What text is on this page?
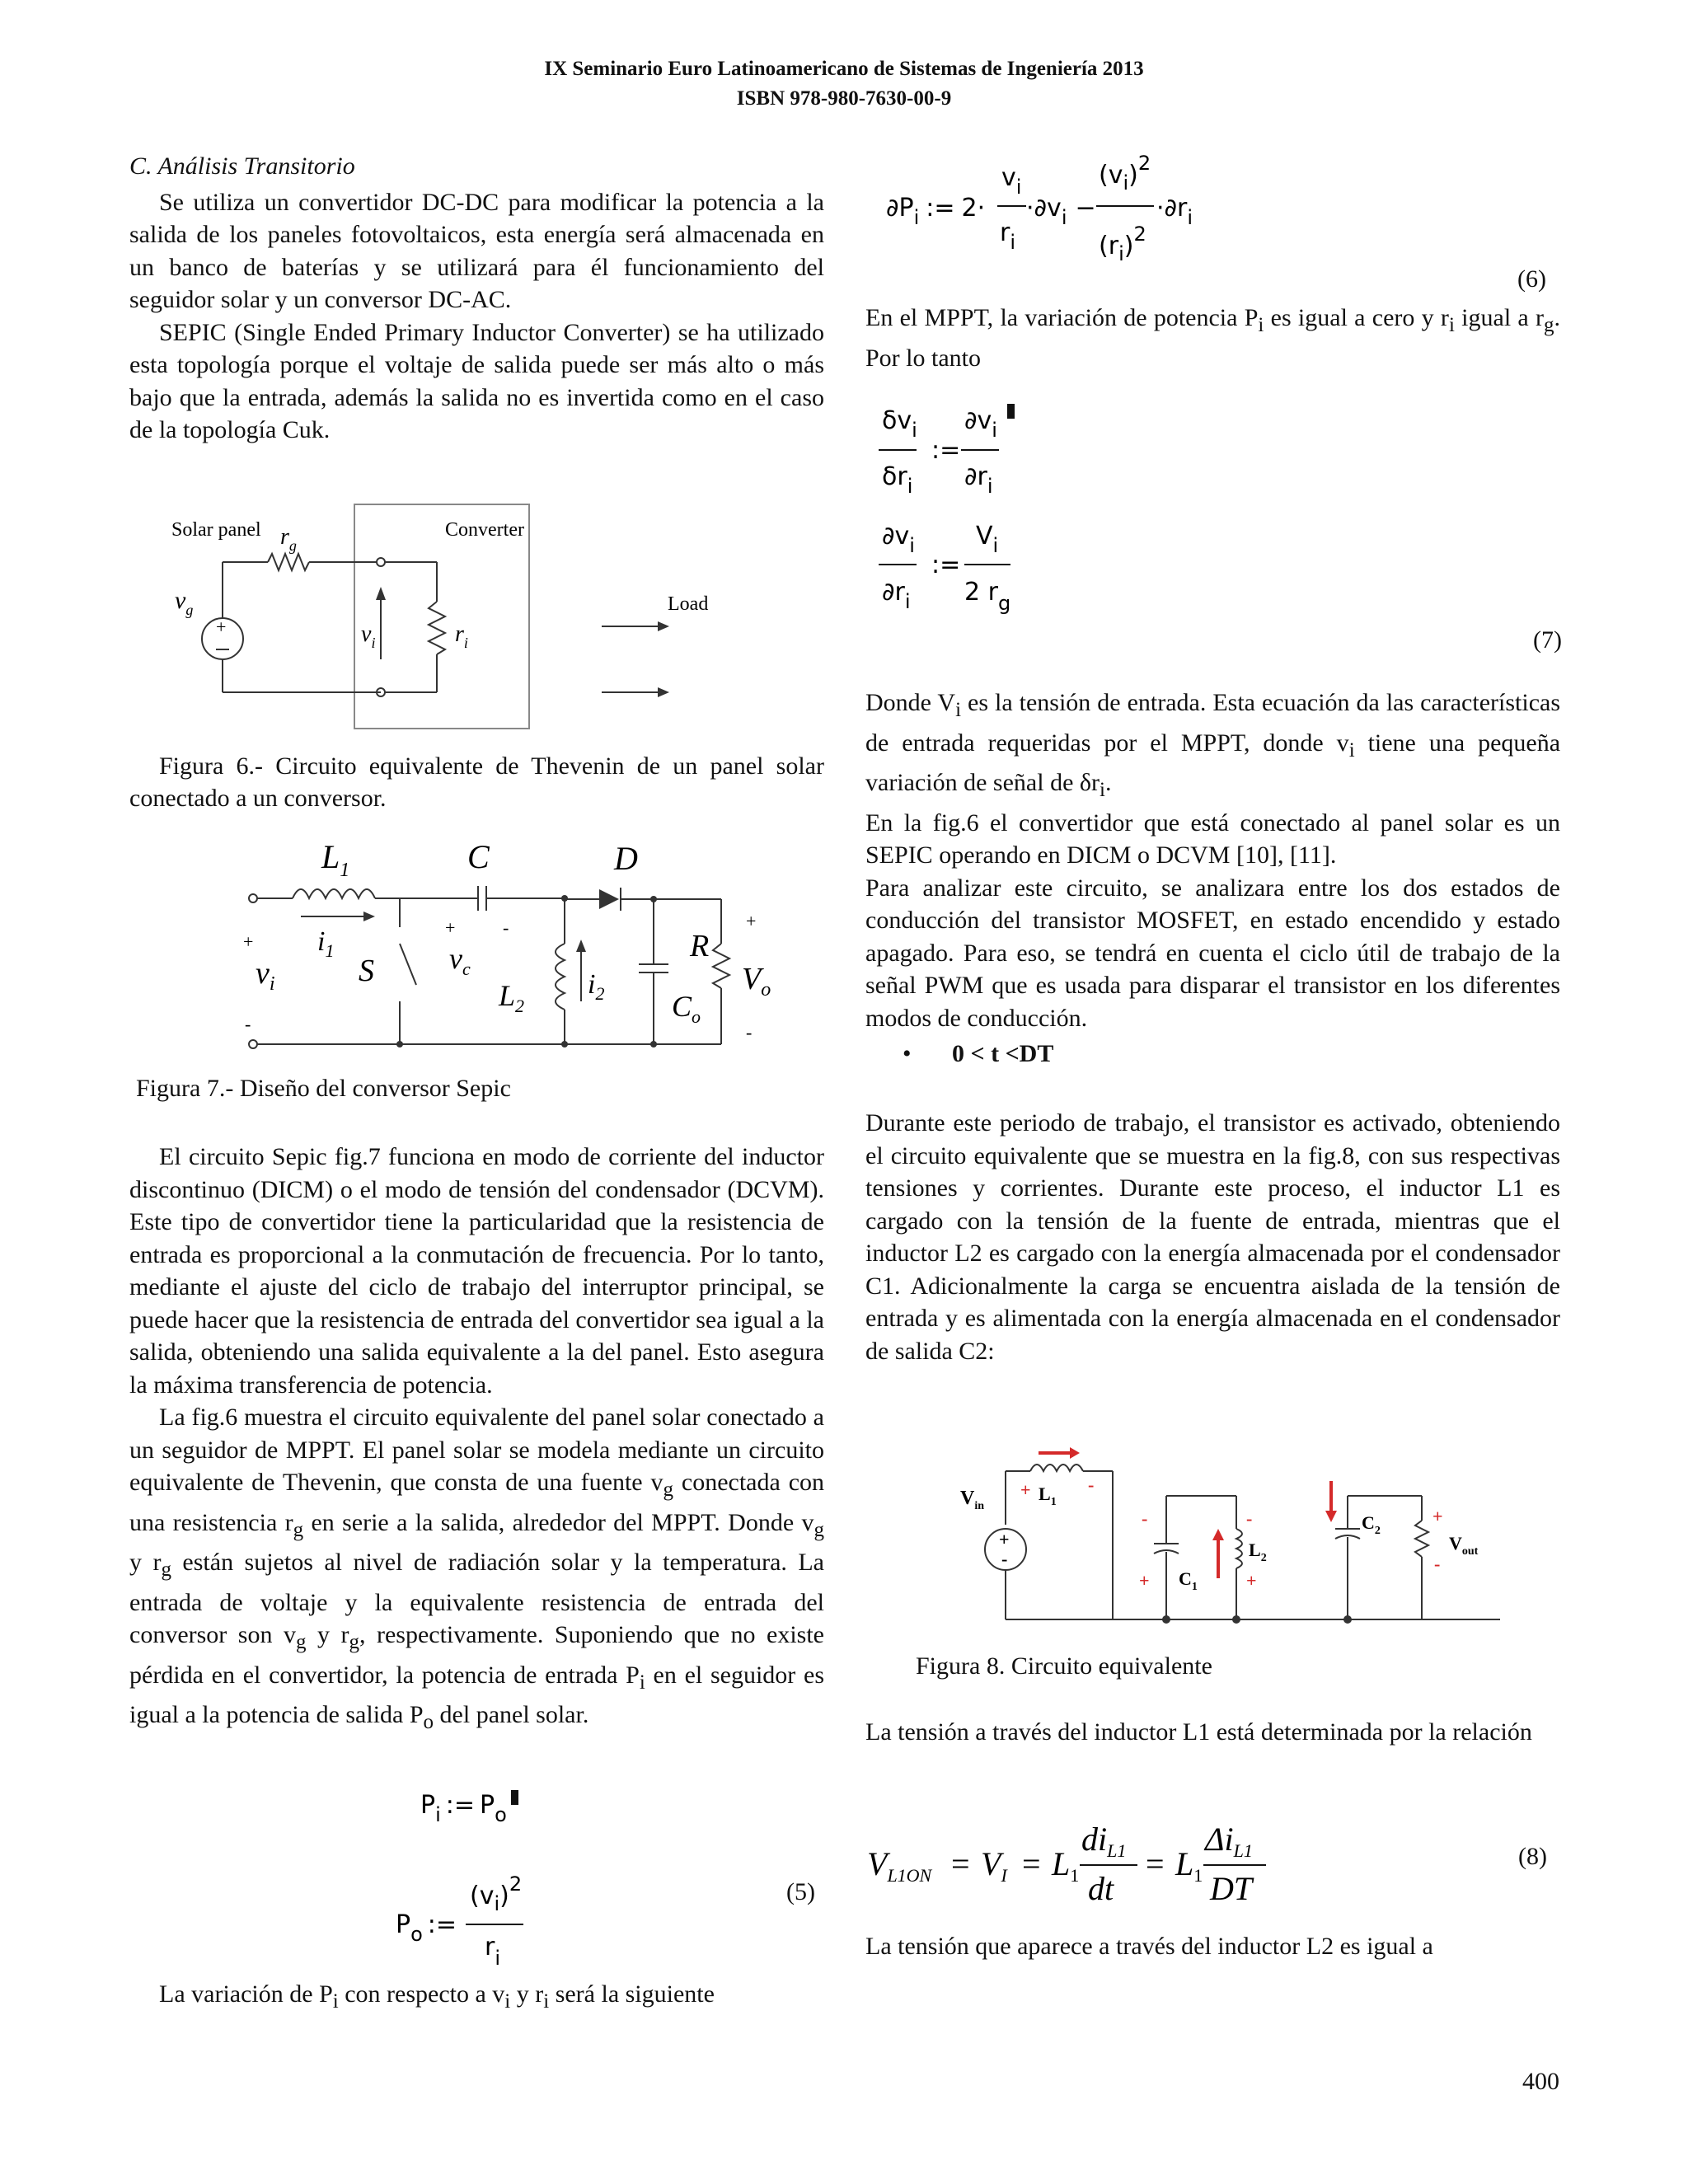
IX Seminario Euro Latinoamericano de Sistemas de Ingeniería 2013
ISBN 978-980-7630-00-9

C. Análisis Transitorio

Se utiliza un convertidor DC-DC para modificar la potencia a la salida de los paneles fotovoltaicos, esta energía será almacenada en un banco de baterías y se utilizará para él funcionamiento del seguidor solar y un conversor DC-AC.

SEPIC (Single Ended Primary Inductor Converter) se ha utilizado esta topología porque el voltaje de salida puede ser más alto o más bajo que la entrada, además la salida no es invertida como en el caso de la topología Cuk.

Solar panel	Converter
+
$r_g$
$v_g$
$v_i$	$r_i$
Load
Figura 6.- Circuito equivalente de Thevenin de un panel solar conectado a un conversor.
$L_1$
$i_1$
S
+
-
$v_i$
C
+	-
$v_c$
D
$L_2$
$i_2$ $C_o$
R
+
-
$V_o$
Figura 7.- Diseño del conversor Sepic

El circuito Sepic fig.7 funciona en modo de corriente del inductor discontinuo (DICM) o el modo de tensión del condensador (DCVM). Este tipo de convertidor tiene la particularidad que la resistencia de entrada es proporcional a la conmutación de frecuencia. Por lo tanto, mediante el ajuste del ciclo de trabajo del interruptor principal, se puede hacer que la resistencia de entrada del convertidor sea igual a la salida, obteniendo una salida equivalente a la del panel. Esto asegura la máxima transferencia de potencia.

La fig.6 muestra el circuito equivalente del panel solar conectado a un seguidor de MPPT. El panel solar se modela mediante un circuito equivalente de Thevenin, que consta de una fuente $v_g$ conectada con una resistencia $r_g$ en serie a la salida, alrededor del MPPT. Donde $v_g$ y $r_g$ están sujetos al nivel de radiación solar y la temperatura. La entrada de voltaje y la equivalente resistencia de entrada del conversor son $v_g$ y $r_g$, respectivamente. Suponiendo que no existe pérdida en el convertidor, la potencia de entrada $P_i$ en el seguidor es igual a la potencia de salida $P_o$ del panel solar.

$P_i$ := $P_o$
$P_o$ :=
$(v_i)^2$
$r_i$
(5)
La variación de $P_i$ con respecto a $v_i$ y $r_i$ será la siguiente
$\partial P_i$ := 2·
$v_i$
$r_i$
$\cdot\partial v_i$ −
$(v_i)^2$
$(r_i)^2$
$\cdot\partial r_i$
(6)

En el MPPT, la variación de potencia $P_i$ es igual a cero y $r_i$ igual a $r_g$. Por lo tanto

$\delta v_i$
$\delta r_i$
:=
$\partial v_i$
$\partial r_i$
$\partial v_i$
$\partial r_i$
:=
$V_i$
2 $r_g$
(7)

Donde $V_i$ es la tensión de entrada. Esta ecuación da las características de entrada requeridas por el MPPT, donde $v_i$ tiene una pequeña variación de señal de $\delta r_i$.

En la fig.6 el convertidor que está conectado al panel solar es un SEPIC operando en DICM o DCVM [10], [11].

Para analizar este circuito, se analizara entre los dos estados de conducción del transistor MOSFET, en estado encendido y estado apagado. Para eso, se tendrá en cuenta el ciclo útil de trabajo de la señal PWM que es usada para disparar el transistor en los diferentes modos de conducción.

• 0 < t <DT

Durante este periodo de trabajo, el transistor es activado, obteniendo el circuito equivalente que se muestra en la fig.8, con sus respectivas tensiones y corrientes. Durante este proceso, el inductor L1 es cargado con la tensión de la fuente de entrada, mientras que el inductor L2 es cargado con la energía almacenada por el condensador C1. Adicionalmente la carga se encuentra aislada de la tensión de entrada y es alimentada con la energía almacenada en el condensador de salida C2:

+
-
$V_{in}$
+	-
$L_1$
-
+ $C_1$
-
+
$L_2$
$C_2$
+
-
$V_{out}$
Figura 8. Circuito equivalente

La tensión a través del inductor L1 está determinada por la relación

$V_{L1ON} = V_I = L_1$
$di_{L1}$
dt
= $L_1$
$\Delta i_{L1}$
DT
(8)

La tensión que aparece a través del inductor L2 es igual a

400
